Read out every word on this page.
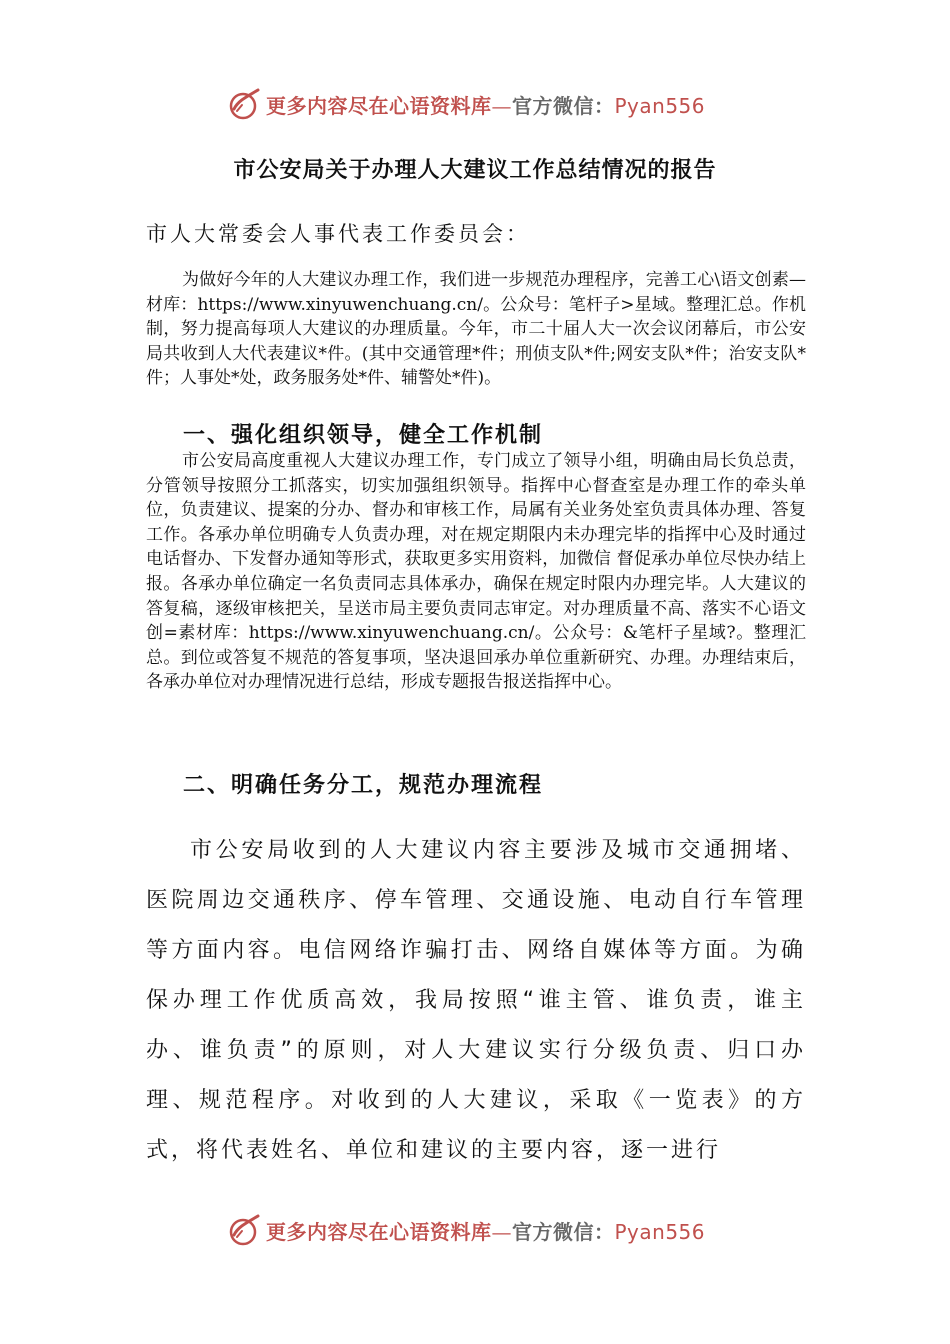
更多内容尽在心语资料库—官方微信：Pyan556
市公安局关于办理人大建议工作总结情况的报告
市人大常委会人事代表工作委员会：

为做好今年的人大建议办理工作，我们进一步规范办理程序，完善工心\语文创素—材库：https://www.xinyuwenchuang.cn/。公众号：笔杆子>星域。整理汇总。作机制，努力提高每项人大建议的办理质量。今年，市二十届人大一次会议闭幕后，市公安局共收到人大代表建议*件。(其中交通管理*件；刑侦支队*件;网安支队*件；治安支队*件；人事处*处，政务服务处*件、辅警处*件)。

一、强化组织领导，健全工作机制

市公安局高度重视人大建议办理工作，专门成立了领导小组，明确由局长负总责，分管领导按照分工抓落实，切实加强组织领导。指挥中心督查室是办理工作的牵头单位，负责建议、提案的分办、督办和审核工作，局属有关业务处室负责具体办理、答复工作。各承办单位明确专人负责办理，对在规定期限内未办理完毕的指挥中心及时通过电话督办、下发督办通知等形式，获取更多实用资料，加微信 督促承办单位尽快办结上报。各承办单位确定一名负责同志具体承办，确保在规定时限内办理完毕。人大建议的答复稿，逐级审核把关，呈送市局主要负责同志审定。对办理质量不高、落实不心语文创=素材库：https://www.xinyuwenchuang.cn/。公众号：&笔杆子星域?。整理汇总。到位或答复不规范的答复事项，坚决退回承办单位重新研究、办理。办理结束后，各承办单位对办理情况进行总结，形成专题报告报送指挥中心。

二、明确任务分工，规范办理流程

市公安局收到的人大建议内容主要涉及城市交通拥堵、医院周边交通秩序、停车管理、交通设施、电动自行车管理等方面内容。电信网络诈骗打击、网络自媒体等方面。为确保办理工作优质高效，我局按照“谁主管、谁负责，谁主办、谁负责”的原则，对人大建议实行分级负责、归口办理、规范程序。对收到的人大建议，采取《一览表》的方式，将代表姓名、单位和建议的主要内容，逐一进行

更多内容尽在心语资料库—官方微信：Pyan556
